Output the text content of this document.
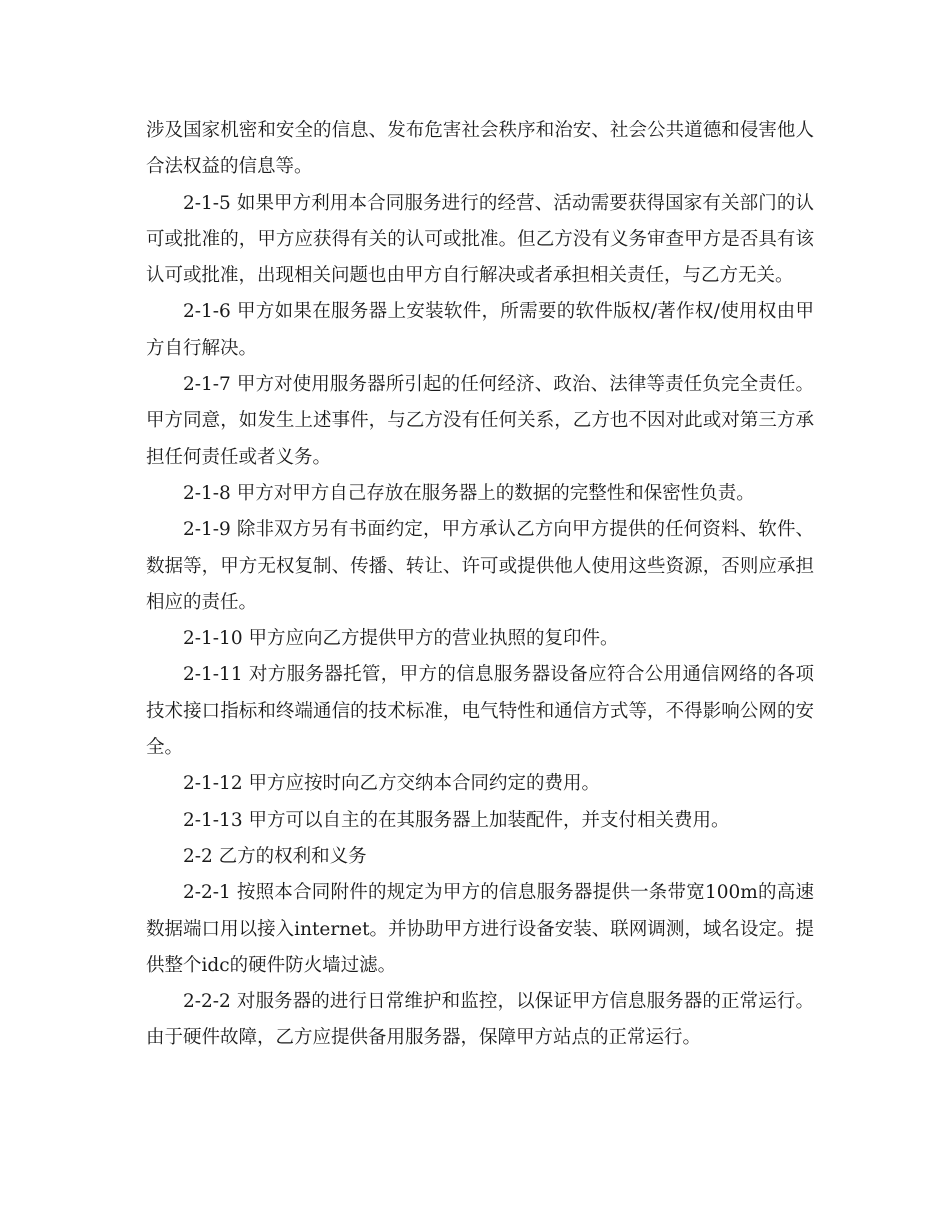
涉及国家机密和安全的信息、发布危害社会秩序和治安、社会公共道德和侵害他人合法权益的信息等。

2-1-5 如果甲方利用本合同服务进行的经营、活动需要获得国家有关部门的认可或批准的，甲方应获得有关的认可或批准。但乙方没有义务审查甲方是否具有该认可或批准，出现相关问题也由甲方自行解决或者承担相关责任，与乙方无关。

2-1-6 甲方如果在服务器上安装软件，所需要的软件版权/著作权/使用权由甲方自行解决。

2-1-7 甲方对使用服务器所引起的任何经济、政治、法律等责任负完全责任。甲方同意，如发生上述事件，与乙方没有任何关系，乙方也不因对此或对第三方承担任何责任或者义务。

2-1-8 甲方对甲方自己存放在服务器上的数据的完整性和保密性负责。

2-1-9 除非双方另有书面约定，甲方承认乙方向甲方提供的任何资料、软件、数据等，甲方无权复制、传播、转让、许可或提供他人使用这些资源，否则应承担相应的责任。

2-1-10 甲方应向乙方提供甲方的营业执照的复印件。

2-1-11 对方服务器托管，甲方的信息服务器设备应符合公用通信网络的各项技术接口指标和终端通信的技术标准，电气特性和通信方式等，不得影响公网的安全。

2-1-12 甲方应按时向乙方交纳本合同约定的费用。

2-1-13 甲方可以自主的在其服务器上加装配件，并支付相关费用。

2-2 乙方的权利和义务

2-2-1 按照本合同附件的规定为甲方的信息服务器提供一条带宽100m的高速数据端口用以接入internet。并协助甲方进行设备安装、联网调测，域名设定。提供整个idc的硬件防火墙过滤。

2-2-2 对服务器的进行日常维护和监控，以保证甲方信息服务器的正常运行。由于硬件故障，乙方应提供备用服务器，保障甲方站点的正常运行。
